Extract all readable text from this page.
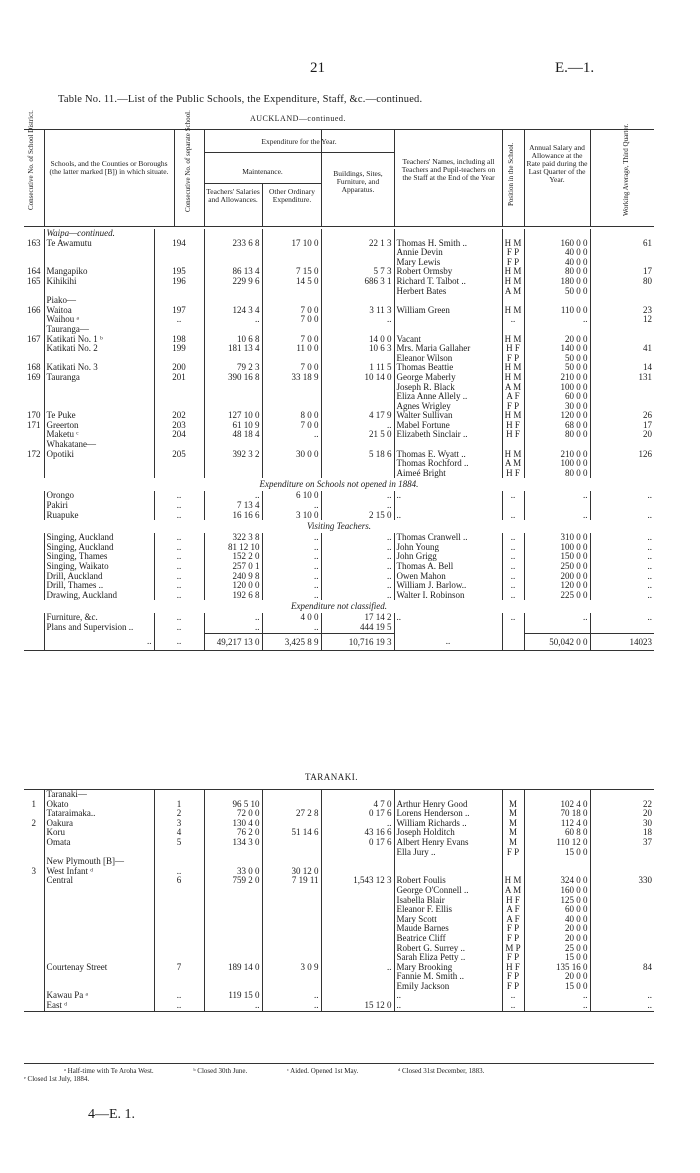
21	E.—1.
Table No. 11.—List of the Public Schools, the Expenditure, Staff, &c.—continued.
AUCKLAND—continued.
Consecutive No. of School District. Schools, and the Counties or Boroughs (the latter marked [B]) in which situate. Consecutive No. of separate School.	Expenditure for the Year.
Maintenance.
Teachers' Salaries and Allowances.
Other Ordinary Expenditure.
Buildings, Sites, Furniture, and Apparatus.
Teachers' Names, including all Teachers and Pupil-teachers on the Staff at the End of the Year	Position in the School.	Annual Salary and Allowance at the Rate paid during the Last Quarter of the Year.	Working Average, Third Quarter.
	Waipa—continued.								
163	Te Awamutu	194	233 6 8	17 10 0	22 1 3	Thomas H. Smith ..	H M	160 0 0	61
						Annie Devin	F P	40 0 0	
						Mary Lewis	F P	40 0 0	
164	Mangapiko	195	86 13 4	7 15 0	5 7 3	Robert Ormsby	H M	80 0 0	17
165	Kihikihi	196	229 9 6	14 5 0	686 3 1	Richard T. Talbot ..	H M	180 0 0	80
						Herbert Bates	A M	50 0 0	
	Piako—								
166	Waitoa	197	124 3 4	7 0 0	3 11 3	William Green	H M	110 0 0	23
	Waihou ᵃ	..	..	7 0 0	..		..	..	12
	Tauranga—								
167	Katikati No. 1 ᵇ	198	10 6 8	7 0 0	14 0 0	Vacant	H M	20 0 0	
	Katikati No. 2	199	181 13 4	11 0 0	10 6 3	Mrs. Maria Gallaher	H F	140 0 0	41
						Eleanor Wilson	F P	50 0 0	
168	Katikati No. 3	200	79 2 3	7 0 0	1 11 5	Thomas Beattie	H M	50 0 0	14
169	Tauranga	201	390 16 8	33 18 9	10 14 0	George Maberly	H M	210 0 0	131
						Joseph R. Black	A M	100 0 0	
						Eliza Anne Allely ..	A F	60 0 0	
						Agnes Wrigley	F P	30 0 0	
170	Te Puke	202	127 10 0	8 0 0	4 17 9	Walter Sullivan	H M	120 0 0	26
171	Greerton	203	61 10 9	7 0 0	..	Mabel Fortune	H F	68 0 0	17
	Maketu ᶜ	204	48 18 4	..	21 5 0	Elizabeth Sinclair ..	H F	80 0 0	20
	Whakatane—								
172	Opotiki	205	392 3 2	30 0 0	5 18 6	Thomas E. Wyatt ..	H M	210 0 0	126
						Thomas Rochford ..	A M	100 0 0	
						Aimeé Bright	H F	80 0 0	
Expenditure on Schools not opened in 1884.									
	Orongo	..	..	6 10 0	..	..	..	..	..
	Pakiri	..	7 13 4	..	..				
	Ruapuke	..	16 16 6	3 10 0	2 15 0	..	..	..	..
Visiting Teachers.									
	Singing, Auckland	..	322 3 8	..	..	Thomas Cranwell ..	..	310 0 0	..
	Singing, Auckland	..	81 12 10	..	..	John Young	..	100 0 0	..
	Singing, Thames	..	152 2 0	..	..	John Grigg	..	150 0 0	..
	Singing, Waikato	..	257 0 1	..	..	Thomas A. Bell	..	250 0 0	..
	Drill, Auckland	..	240 9 8	..	..	Owen Mahon	..	200 0 0	..
	Drill, Thames ..	..	120 0 0	..	..	William J. Barlow..	..	120 0 0	..
	Drawing, Auckland	..	192 6 8	..	..	Walter I. Robinson	..	225 0 0	..
Expenditure not classified.									
	Furniture, &c.	..	..	4 0 0	17 14 2	..	..	..	..
	Plans and Supervision ..	..	..	..	444 19 5				
	..	..	49,217 13 0	3,425 8 9	10,716 19 3	..		50,042 0 0	14023
TARANAKI.
	Taranaki—								
1	Okato	1	96 5 10		4 7 0	Arthur Henry Good	M	102 4 0	22
	Tataraimaka..	2	72 0 0	27 2 8	0 17 6	Lorens Henderson ..	M	70 18 0	20
2	Oakura	3	130 4 0		..	William Richards ..	M	112 4 0	30
	Koru	4	76 2 0	51 14 6	43 16 6	Joseph Holditch	M	60 8 0	18
	Omata	5	134 3 0		0 17 6	Albert Henry Evans	M	110 12 0	37
						Ella Jury ..	F P	15 0 0	
	New Plymouth [B]—								
3	West Infant ᵈ	..	33 0 0	30 12 0					
	Central	6	759 2 0	7 19 11	1,543 12 3	Robert Foulis	H M	324 0 0	330
						George O'Connell ..	A M	160 0 0	
						Isabella Blair	H F	125 0 0	
						Eleanor F. Ellis	A F	60 0 0	
						Mary Scott	A F	40 0 0	
						Maude Barnes	F P	20 0 0	
						Beatrice Cliff	F P	20 0 0	
						Robert G. Surrey ..	M P	25 0 0	
						Sarah Eliza Petty ..	F P	15 0 0	
	Courtenay Street	7	189 14 0	3 0 9	..	Mary Brooking	H F	135 16 0	84
						Fannie M. Smith ..	F P	20 0 0	
						Emily Jackson	F P	15 0 0	
	Kawau Pa ᵃ	..	119 15 0	..		..	..	..	..
	East ᵈ	..	..	..	15 12 0	..	..	..	..
ᵃ Half-time with Te Aroha West.	ᵇ Closed 30th June.	ᶜ Aided. Opened 1st May.	ᵈ Closed 31st December, 1883.
ᵉ Closed 1st July, 1884.
4—E. 1.
